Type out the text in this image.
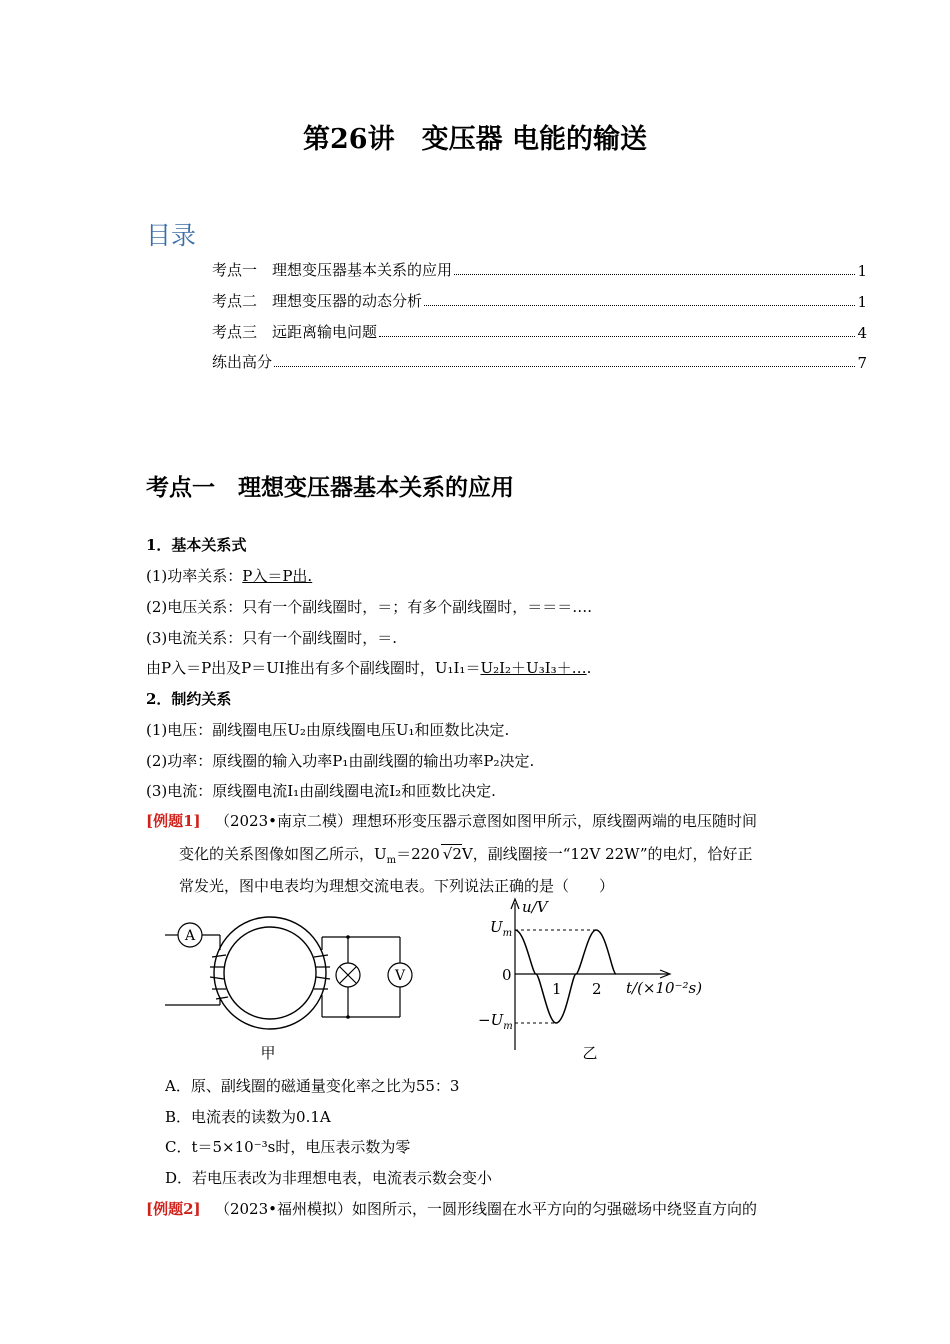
第26讲　变压器 电能的输送
目录
考点一　理想变压器基本关系的应用	1
考点二　理想变压器的动态分析	1
考点三　远距离输电问题	4
练出高分	7
考点一　理想变压器基本关系的应用
1．基本关系式
(1)功率关系：P入＝P出.
(2)电压关系：只有一个副线圈时，＝；有多个副线圈时，＝＝＝….
(3)电流关系：只有一个副线圈时，＝.
由P入＝P出及P＝UI推出有多个副线圈时，U₁I₁＝U₂I₂＋U₃I₃＋….
2．制约关系
(1)电压：副线圈电压U₂由原线圈电压U₁和匝数比决定.
(2)功率：原线圈的输入功率P₁由副线圈的输出功率P₂决定.
(3)电流：原线圈电流I₁由副线圈电流I₂和匝数比决定.
[例题1] （2023•南京二模）理想环形变压器示意图如图甲所示，原线圈两端的电压随时间
变化的关系图像如图乙所示，$U_m=220$ √2V，副线圈接一“12V 22W”的电灯，恰好正
常发光，图中电表均为理想交流电表。下列说法正确的是（　　）
A
V
甲
u/V
t/(×10⁻²s)
$U_m$
$-U_m$
0
1 2
乙
A．原、副线圈的磁通量变化率之比为55：3
B．电流表的读数为0.1A
C．t＝5×10⁻³s时，电压表示数为零
D．若电压表改为非理想电表，电流表示数会变小
[例题2] （2023•福州模拟）如图所示，一圆形线圈在水平方向的匀强磁场中绕竖直方向的
